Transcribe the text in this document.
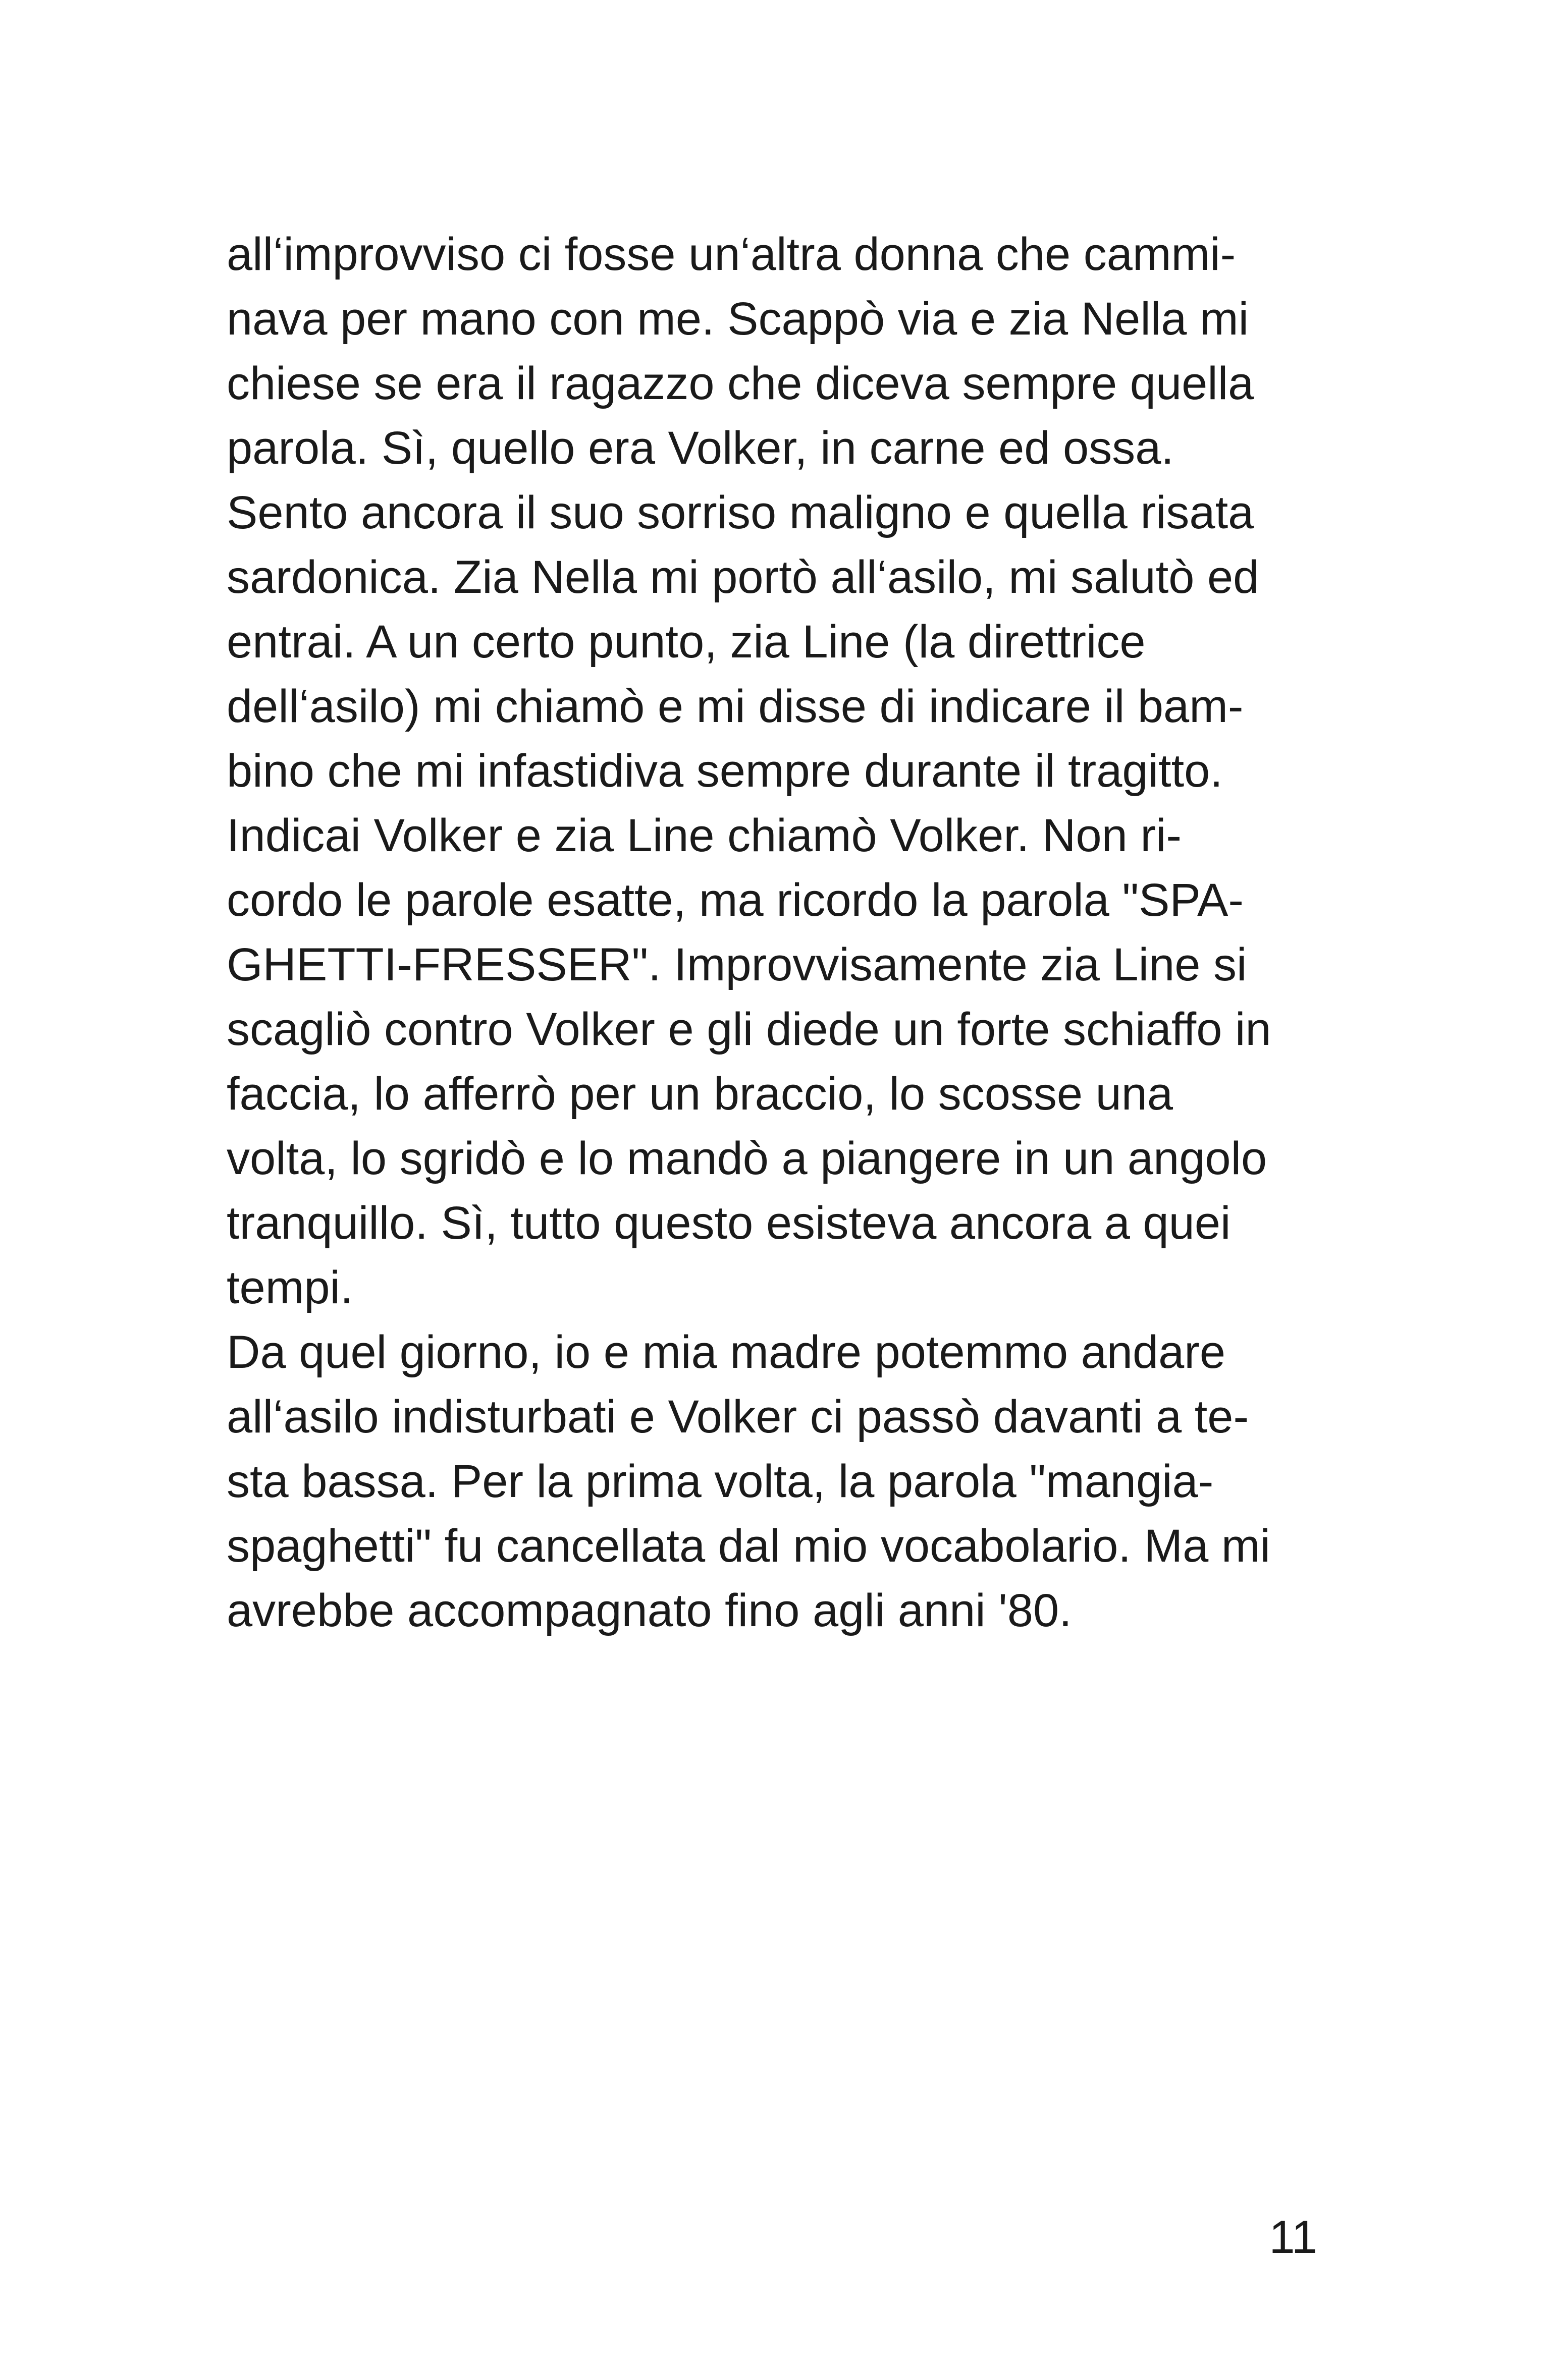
all‘improvviso ci fosse un‘altra donna che cammi-
nava per mano con me. Scappò via e zia Nella mi
chiese se era il ragazzo che diceva sempre quella
parola. Sì, quello era Volker, in carne ed ossa.
Sento ancora il suo sorriso maligno e quella risata
sardonica. Zia Nella mi portò all‘asilo, mi salutò ed
entrai. A un certo punto, zia Line (la direttrice
dell‘asilo) mi chiamò e mi disse di indicare il bam-
bino che mi infastidiva sempre durante il tragitto.
Indicai Volker e zia Line chiamò Volker. Non ri-
cordo le parole esatte, ma ricordo la parola "SPA-
GHETTI-FRESSER". Improvvisamente zia Line si
scagliò contro Volker e gli diede un forte schiaffo in
faccia, lo afferrò per un braccio, lo scosse una
volta, lo sgridò e lo mandò a piangere in un angolo
tranquillo. Sì, tutto questo esisteva ancora a quei
tempi.
Da quel giorno, io e mia madre potemmo andare
all‘asilo indisturbati e Volker ci passò davanti a te-
sta bassa. Per la prima volta, la parola "mangia-
spaghetti" fu cancellata dal mio vocabolario. Ma mi
avrebbe accompagnato fino agli anni '80.
11
